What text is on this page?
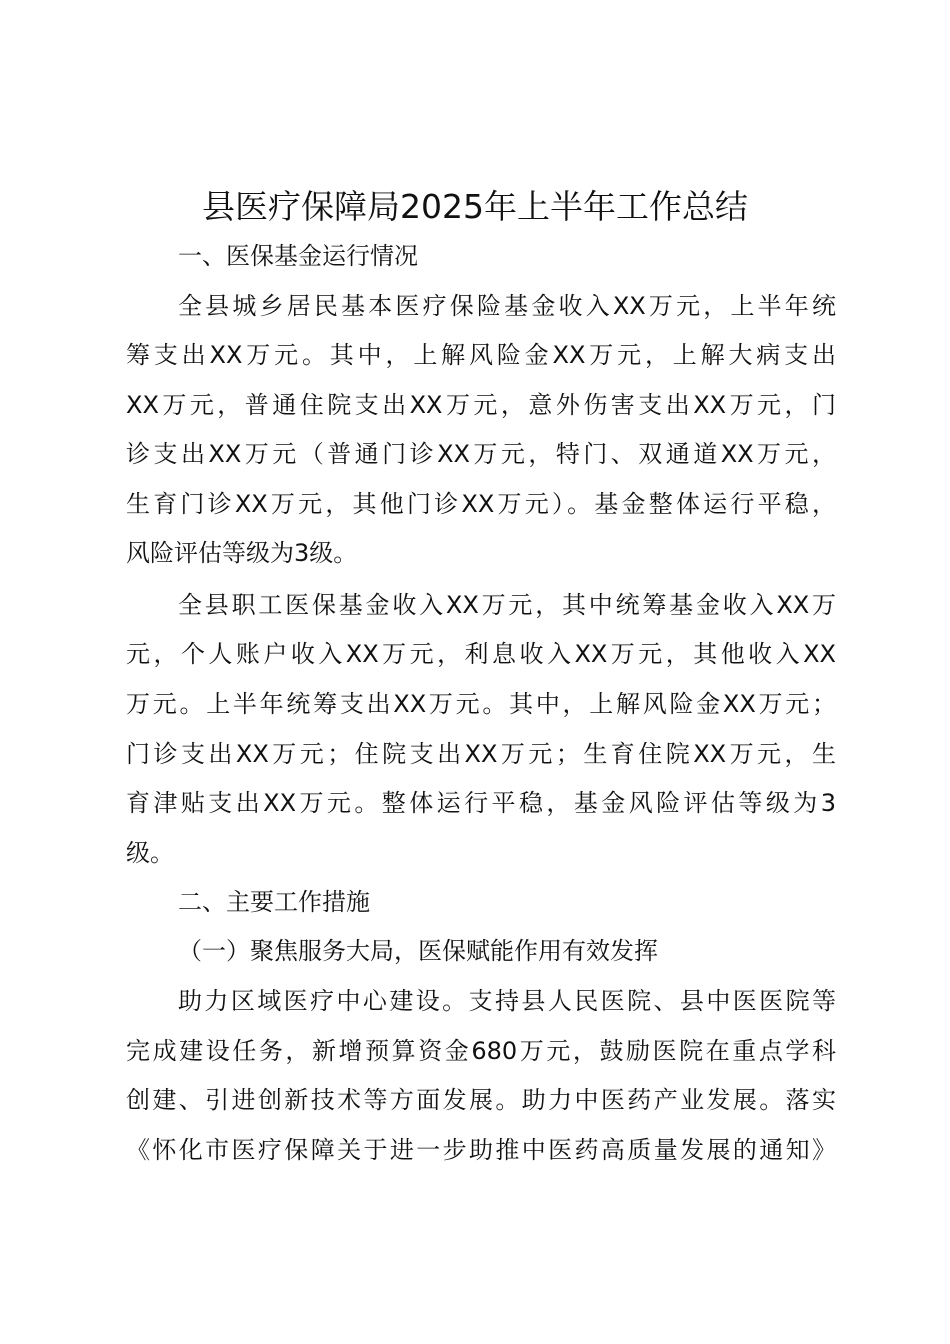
县医疗保障局2025年上半年工作总结

一、医保基金运行情况

全县城乡居民基本医疗保险基金收入XX万元，上半年统

筹支出XX万元。其中，上解风险金XX万元，上解大病支出

XX万元，普通住院支出XX万元，意外伤害支出XX万元，门

诊支出XX万元（普通门诊XX万元，特门、双通道XX万元，

生育门诊XX万元，其他门诊XX万元）。基金整体运行平稳，

风险评估等级为3级。

全县职工医保基金收入XX万元，其中统筹基金收入XX万

元，个人账户收入XX万元，利息收入XX万元，其他收入XX

万元。上半年统筹支出XX万元。其中，上解风险金XX万元；

门诊支出XX万元；住院支出XX万元；生育住院XX万元，生

育津贴支出XX万元。整体运行平稳，基金风险评估等级为3

级。

二、主要工作措施

（一）聚焦服务大局，医保赋能作用有效发挥

助力区域医疗中心建设。支持县人民医院、县中医医院等

完成建设任务，新增预算资金680万元，鼓励医院在重点学科

创建、引进创新技术等方面发展。助力中医药产业发展。落实

《怀化市医疗保障关于进一步助推中医药高质量发展的通知》
